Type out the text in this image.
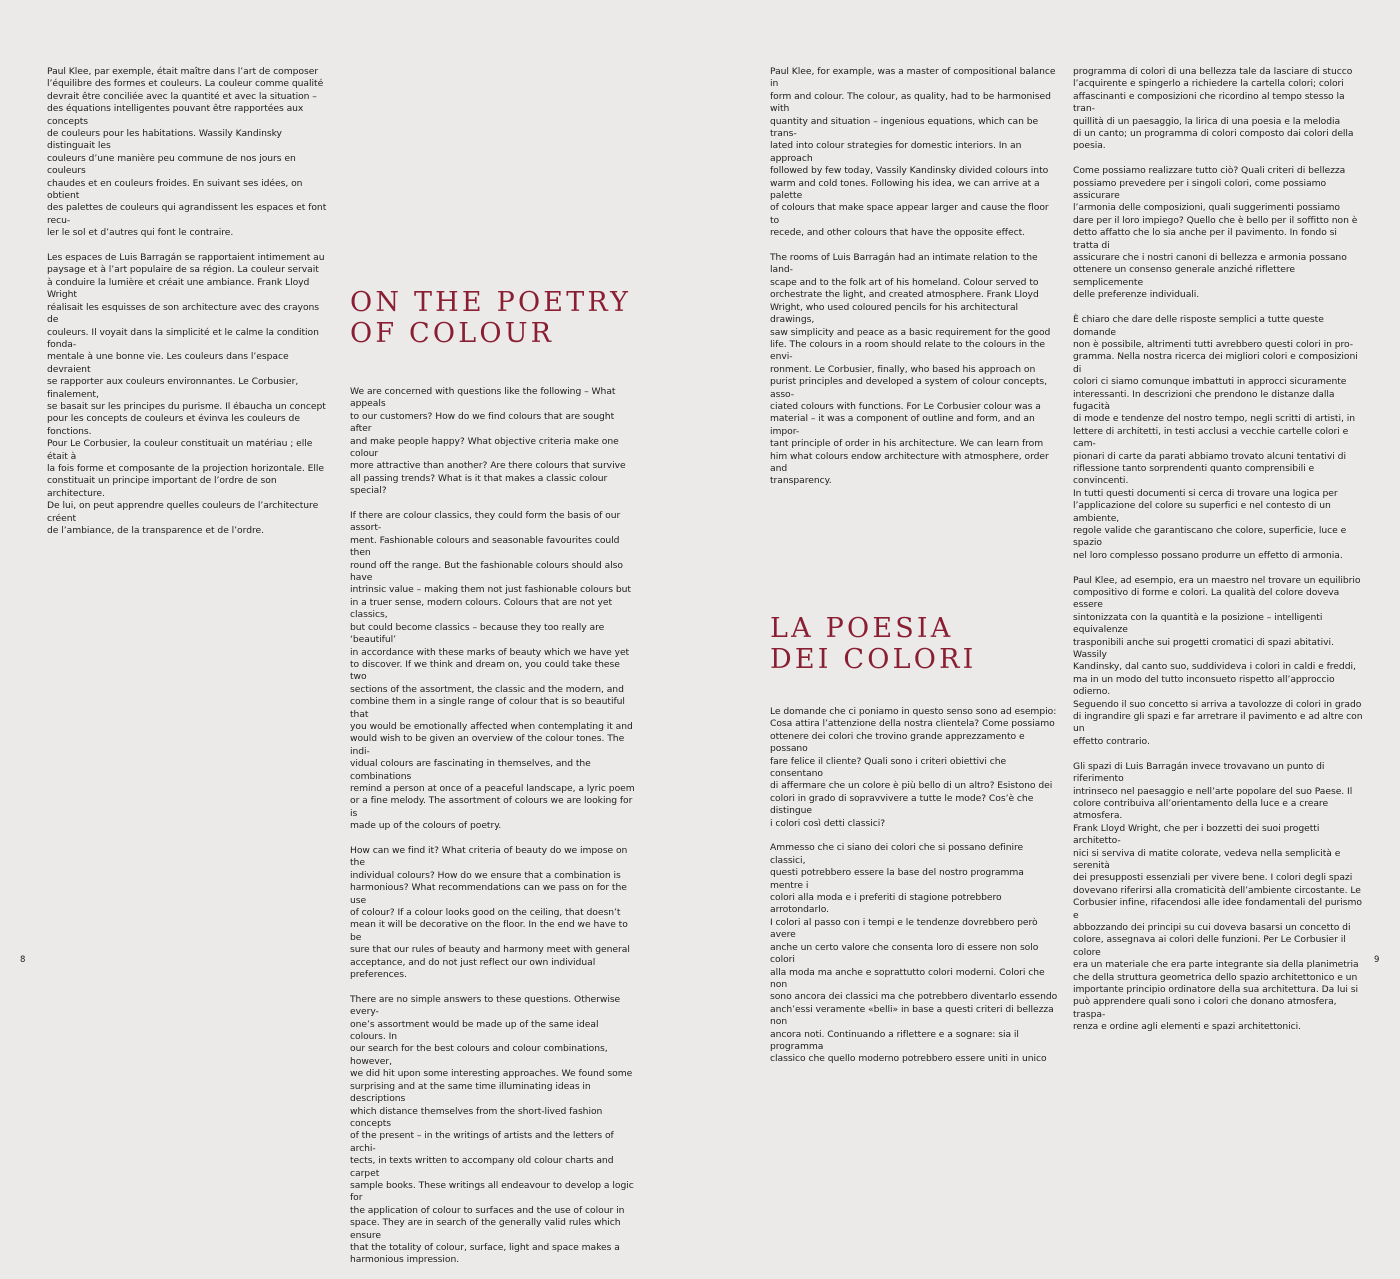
Paul Klee, par exemple, était maître dans l’art de composer
l’équilibre des formes et couleurs. La couleur comme qualité
devrait être conciliée avec la quantité et avec la situation –
des équations intelligentes pouvant être rapportées aux concepts
de couleurs pour les habitations. Wassily Kandinsky distinguait les
couleurs d’une manière peu commune de nos jours en couleurs
chaudes et en couleurs froides. En suivant ses idées, on obtient
des palettes de couleurs qui agrandissent les espaces et font recu-
ler le sol et d’autres qui font le contraire.

Les espaces de Luis Barragán se rapportaient intimement au
paysage et à l’art populaire de sa région. La couleur servait
à conduire la lumière et créait une ambiance. Frank Lloyd Wright
réalisait les esquisses de son architecture avec des crayons de
couleurs. Il voyait dans la simplicité et le calme la condition fonda-
mentale à une bonne vie. Les couleurs dans l’espace devraient
se rapporter aux couleurs environnantes. Le Corbusier, finalement,
se basait sur les principes du purisme. Il ébaucha un concept
pour les concepts de couleurs et évinva les couleurs de fonctions.
Pour Le Corbusier, la couleur constituait un matériau ; elle était à
la fois forme et composante de la projection horizontale. Elle
constituait un principe important de l’ordre de son architecture.
De lui, on peut apprendre quelles couleurs de l’architecture créent
de l’ambiance, de la transparence et de l’ordre.

ON THE POETRY
OF COLOUR

We are concerned with questions like the following – What appeals
to our customers? How do we find colours that are sought after
and make people happy? What objective criteria make one colour
more attractive than another? Are there colours that survive
all passing trends? What is it that makes a classic colour special?

If there are colour classics, they could form the basis of our assort-
ment. Fashionable colours and seasonable favourites could then
round off the range. But the fashionable colours should also have
intrinsic value – making them not just fashionable colours but
in a truer sense, modern colours. Colours that are not yet classics,
but could become classics – because they too really are ‘beautiful’
in accordance with these marks of beauty which we have yet
to discover. If we think and dream on, you could take these two
sections of the assortment, the classic and the modern, and
combine them in a single range of colour that is so beautiful that
you would be emotionally affected when contemplating it and
would wish to be given an overview of the colour tones. The indi-
vidual colours are fascinating in themselves, and the combinations
remind a person at once of a peaceful landscape, a lyric poem
or a fine melody. The assortment of colours we are looking for is
made up of the colours of poetry.

How can we find it? What criteria of beauty do we impose on the
individual colours? How do we ensure that a combination is
harmonious? What recommendations can we pass on for the use
of colour? If a colour looks good on the ceiling, that doesn’t
mean it will be decorative on the floor. In the end we have to be
sure that our rules of beauty and harmony meet with general
acceptance, and do not just reflect our own individual preferences.

There are no simple answers to these questions. Otherwise every-
one’s assortment would be made up of the same ideal colours. In
our search for the best colours and colour combinations, however,
we did hit upon some interesting approaches. We found some
surprising and at the same time illuminating ideas in descriptions
which distance themselves from the short-lived fashion concepts
of the present – in the writings of artists and the letters of archi-
tects, in texts written to accompany old colour charts and carpet
sample books. These writings all endeavour to develop a logic for
the application of colour to surfaces and the use of colour in
space. They are in search of the generally valid rules which ensure
that the totality of colour, surface, light and space makes a
harmonious impression.

8

Paul Klee, for example, was a master of compositional balance in
form and colour. The colour, as quality, had to be harmonised with
quantity and situation – ingenious equations, which can be trans-
lated into colour strategies for domestic interiors. In an approach
followed by few today, Vassily Kandinsky divided colours into
warm and cold tones. Following his idea, we can arrive at a palette
of colours that make space appear larger and cause the floor to
recede, and other colours that have the opposite effect.

The rooms of Luis Barragán had an intimate relation to the land-
scape and to the folk art of his homeland. Colour served to
orchestrate the light, and created atmosphere. Frank Lloyd
Wright, who used coloured pencils for his architectural drawings,
saw simplicity and peace as a basic requirement for the good
life. The colours in a room should relate to the colours in the envi-
ronment. Le Corbusier, finally, who based his approach on
purist principles and developed a system of colour concepts, asso-
ciated colours with functions. For Le Corbusier colour was a
material – it was a component of outline and form, and an impor-
tant principle of order in his architecture. We can learn from
him what colours endow architecture with atmosphere, order and
transparency.

LA POESIA
DEI COLORI

Le domande che ci poniamo in questo senso sono ad esempio:
Cosa attira l’attenzione della nostra clientela? Come possiamo
ottenere dei colori che trovino grande apprezzamento e possano
fare felice il cliente? Quali sono i criteri obiettivi che consentano
di affermare che un colore è più bello di un altro? Esistono dei
colori in grado di sopravvivere a tutte le mode? Cos’è che distingue
i colori così detti classici?

Ammesso che ci siano dei colori che si possano definire classici,
questi potrebbero essere la base del nostro programma mentre i
colori alla moda e i preferiti di stagione potrebbero arrotondarlo.
I colori al passo con i tempi e le tendenze dovrebbero però avere
anche un certo valore che consenta loro di essere non solo colori
alla moda ma anche e soprattutto colori moderni. Colori che non
sono ancora dei classici ma che potrebbero diventarlo essendo
anch’essi veramente «belli» in base a questi criteri di bellezza non
ancora noti. Continuando a riflettere e a sognare: sia il programma
classico che quello moderno potrebbero essere uniti in unico

programma di colori di una bellezza tale da lasciare di stucco
l’acquirente e spingerlo a richiedere la cartella colori; colori
affascinanti e composizioni che ricordino al tempo stesso la tran-
quillità di un paesaggio, la lirica di una poesia e la melodia
di un canto; un programma di colori composto dai colori della
poesia.

Come possiamo realizzare tutto ciò? Quali criteri di bellezza
possiamo prevedere per i singoli colori, come possiamo assicurare
l’armonia delle composizioni, quali suggerimenti possiamo
dare per il loro impiego? Quello che è bello per il soffitto non è
detto affatto che lo sia anche per il pavimento. In fondo si tratta di
assicurare che i nostri canoni di bellezza e armonia possano
ottenere un consenso generale anziché riflettere semplicemente
delle preferenze individuali.

È chiaro che dare delle risposte semplici a tutte queste domande
non è possibile, altrimenti tutti avrebbero questi colori in pro-
gramma. Nella nostra ricerca dei migliori colori e composizioni di
colori ci siamo comunque imbattuti in approcci sicuramente
interessanti. In descrizioni che prendono le distanze dalla fugacità
di mode e tendenze del nostro tempo, negli scritti di artisti, in
lettere di architetti, in testi acclusi a vecchie cartelle colori e cam-
pionari di carte da parati abbiamo trovato alcuni tentativi di
riflessione tanto sorprendenti quanto comprensibili e convincenti.
In tutti questi documenti si cerca di trovare una logica per
l’applicazione del colore su superfici e nel contesto di un ambiente,
regole valide che garantiscano che colore, superficie, luce e spazio
nel loro complesso possano produrre un effetto di armonia.

Paul Klee, ad esempio, era un maestro nel trovare un equilibrio
compositivo di forme e colori. La qualità del colore doveva essere
sintonizzata con la quantità e la posizione – intelligenti equivalenze
trasponibili anche sui progetti cromatici di spazi abitativi. Wassily
Kandinsky, dal canto suo, suddivideva i colori in caldi e freddi,
ma in un modo del tutto inconsueto rispetto all’approccio odierno.
Seguendo il suo concetto si arriva a tavolozze di colori in grado
di ingrandire gli spazi e far arretrare il pavimento e ad altre con un
effetto contrario.

Gli spazi di Luis Barragán invece trovavano un punto di riferimento
intrinseco nel paesaggio e nell’arte popolare del suo Paese. Il
colore contribuiva all’orientamento della luce e a creare atmosfera.
Frank Lloyd Wright, che per i bozzetti dei suoi progetti architetto-
nici si serviva di matite colorate, vedeva nella semplicità e serenità
dei presupposti essenziali per vivere bene. I colori degli spazi
dovevano riferirsi alla cromaticità dell’ambiente circostante. Le
Corbusier infine, rifacendosi alle idee fondamentali del purismo e
abbozzando dei principi su cui doveva basarsi un concetto di
colore, assegnava ai colori delle funzioni. Per Le Corbusier il colore
era un materiale che era parte integrante sia della planimetria
che della struttura geometrica dello spazio architettonico e un
importante principio ordinatore della sua architettura. Da lui si
può apprendere quali sono i colori che donano atmosfera, traspa-
renza e ordine agli elementi e spazi architettonici.

9
